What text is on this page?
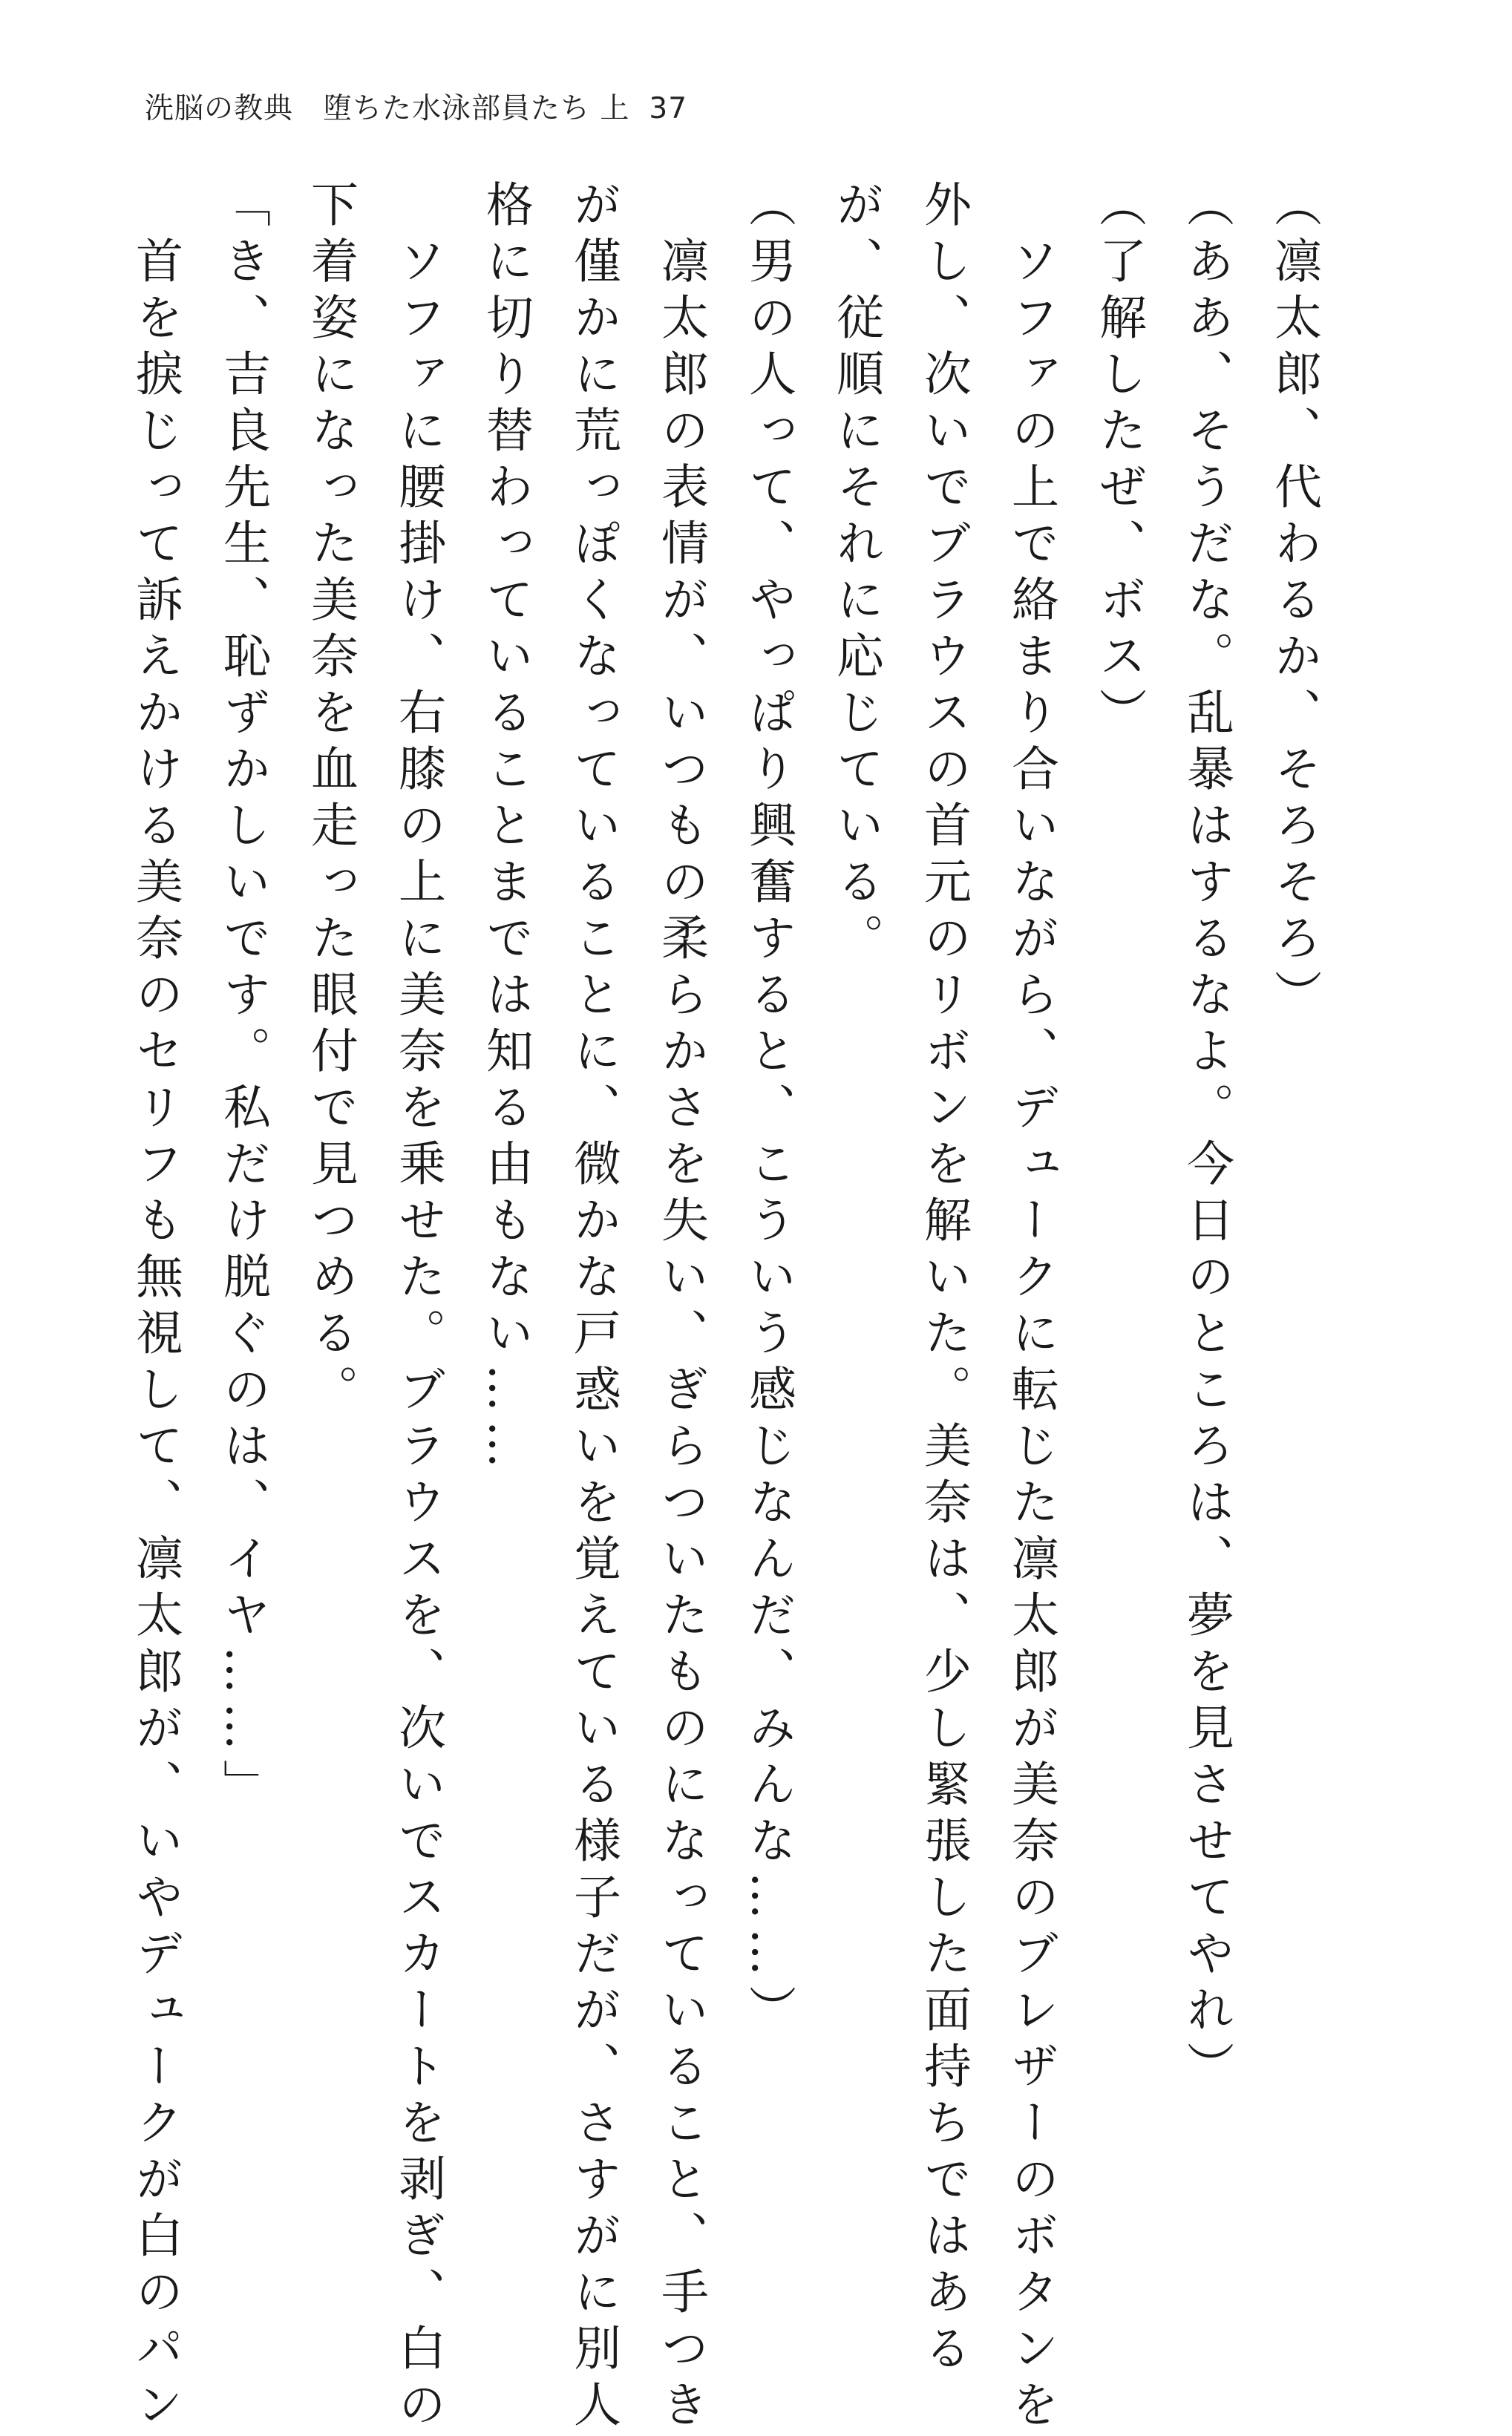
洗脳の教典　堕ちた水泳部員たち 上 37
（凛太郎、代わるか、そろそろ）
（ああ、そうだな。乱暴はするなよ。今日のところは、夢を見させてやれ）
（了解したぜ、ボス）
　ソファの上で絡まり合いながら、デュークに転じた凛太郎が美奈のブレザーのボタンを
外し、次いでブラウスの首元のリボンを解いた。美奈は、少し緊張した面持ちではある
が、従順にそれに応じている。
（男の人って、やっぱり興奮すると、こういう感じなんだ、みんな……）
　凛太郎の表情が、いつもの柔らかさを失い、ぎらついたものになっていること、手つき
が僅かに荒っぽくなっていることに、微かな戸惑いを覚えている様子だが、さすがに別人
格に切り替わっていることまでは知る由もない……
　ソファに腰掛け、右膝の上に美奈を乗せた。ブラウスを、次いでスカートを剥ぎ、白の
下着姿になった美奈を血走った眼付で見つめる。
「き、吉良先生、恥ずかしいです。私だけ脱ぐのは、イヤ……」
　首を捩じって訴えかける美奈のセリフも無視して、凛太郎が、いやデュークが白のパン
